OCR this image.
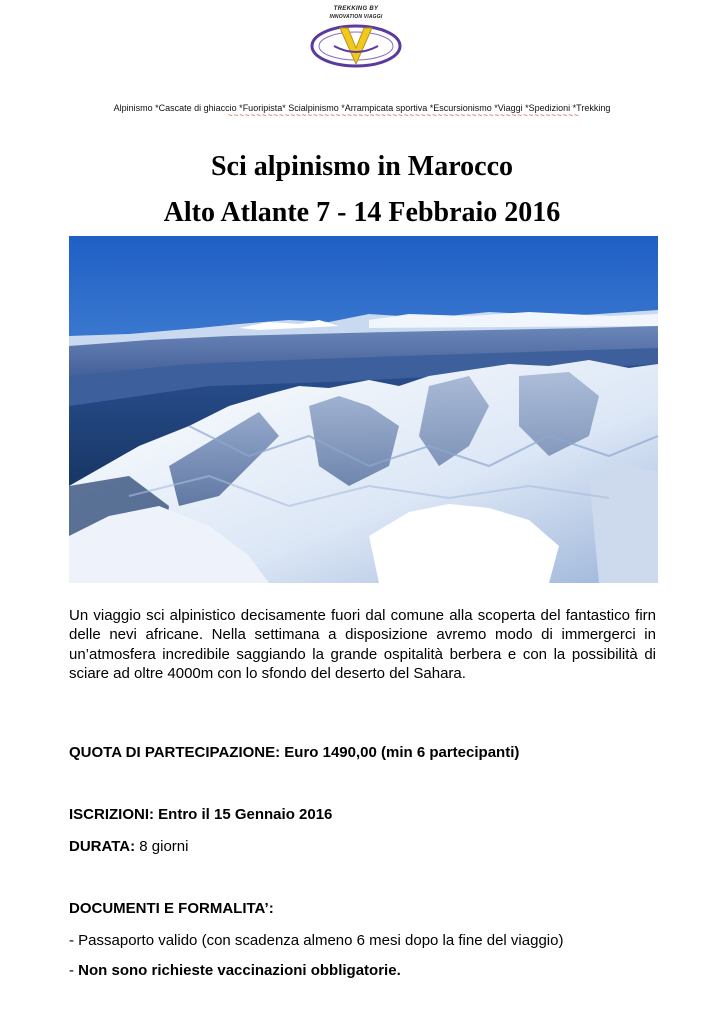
TREKKING BY
INNOVATION VIAGGI
Alpinismo *Cascate di ghiaccio *Fuoripista* Scialpinismo *Arrampicata sportiva *Escursionismo *Viaggi *Spedizioni *Trekking
~~~~~~~~~~~~~~~~~~~~~~~~~~~~~~~~~~~~~~~~~~~~~~~~~~~~~~~~~~~~~~
Sci alpinismo in Marocco
Alto Atlante 7 - 14 Febbraio 2016
Un viaggio sci alpinistico decisamente fuori dal comune alla scoperta del fantastico firn delle nevi africane. Nella settimana a disposizione avremo modo di immergerci in un’atmosfera incredibile saggiando la grande ospitalità berbera e con la possibilità di sciare ad oltre 4000m con lo sfondo del deserto del Sahara.
QUOTA DI PARTECIPAZIONE: Euro 1490,00 (min 6 partecipanti)
ISCRIZIONI: Entro il 15 Gennaio 2016
DURATA: 8 giorni
DOCUMENTI E FORMALITA’:
- Passaporto valido (con scadenza almeno 6 mesi dopo la fine del viaggio)
- Non sono richieste vaccinazioni obbligatorie.
